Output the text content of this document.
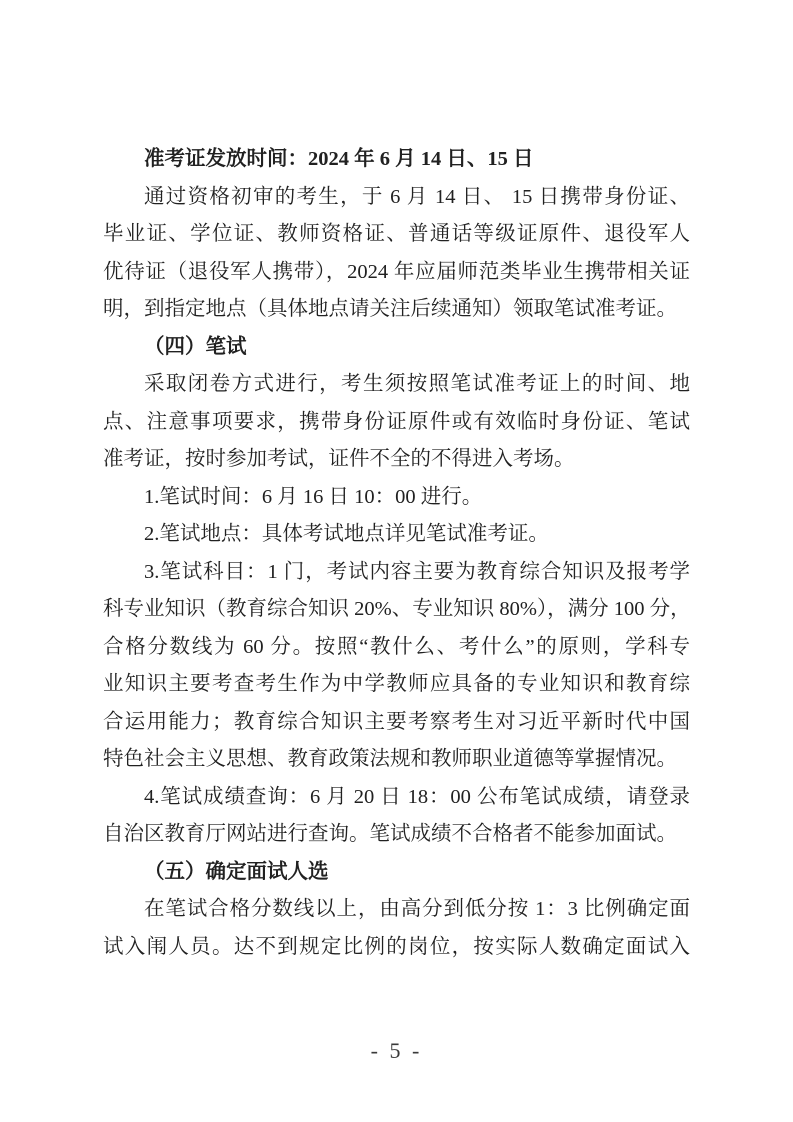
准考证发放时间：2024 年 6 月 14 日、15 日
通过资格初审的考生，于 6 月 14 日、 15 日携带身份证、
毕业证、学位证、教师资格证、普通话等级证原件、退役军人
优待证（退役军人携带），2024 年应届师范类毕业生携带相关证
明，到指定地点（具体地点请关注后续通知）领取笔试准考证。
（四）笔试
采取闭卷方式进行，考生须按照笔试准考证上的时间、地
点、注意事项要求，携带身份证原件或有效临时身份证、笔试
准考证，按时参加考试，证件不全的不得进入考场。
1.笔试时间：6 月 16 日 10：00 进行。
2.笔试地点：具体考试地点详见笔试准考证。
3.笔试科目：1 门，考试内容主要为教育综合知识及报考学
科专业知识（教育综合知识 20%、专业知识 80%），满分 100 分，
合格分数线为 60 分。按照“教什么、考什么”的原则，学科专
业知识主要考查考生作为中学教师应具备的专业知识和教育综
合运用能力；教育综合知识主要考察考生对习近平新时代中国
特色社会主义思想、教育政策法规和教师职业道德等掌握情况。
4.笔试成绩查询：6 月 20 日 18：00 公布笔试成绩，请登录
自治区教育厅网站进行查询。笔试成绩不合格者不能参加面试。
（五）确定面试人选
在笔试合格分数线以上，由高分到低分按 1：3 比例确定面
试入闱人员。达不到规定比例的岗位，按实际人数确定面试入
- 5 -
